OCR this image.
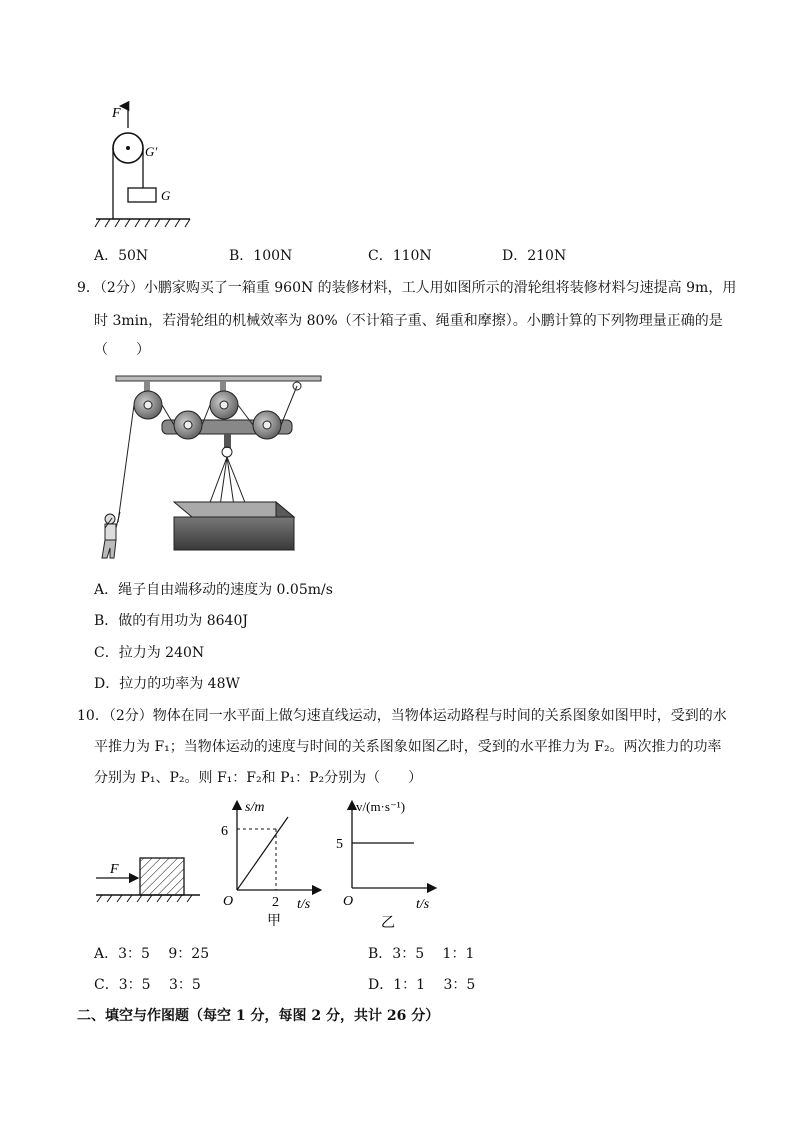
F
G′
G
A．50N	B．100N	C．110N	D．210N
9．（2分）小鹏家购买了一箱重 960N 的装修材料，工人用如图所示的滑轮组将装修材料匀速提高 9m，用
时 3min，若滑轮组的机械效率为 80%（不计箱子重、绳重和摩擦）。小鹏计算的下列物理量正确的是
（　　）
A．绳子自由端移动的速度为 0.05m/s
B．做的有用功为 8640J
C．拉力为 240N
D．拉力的功率为 48W
10．（2分）物体在同一水平面上做匀速直线运动，当物体运动路程与时间的关系图象如图甲时，受到的水
平推力为 F₁；当物体运动的速度与时间的关系图象如图乙时，受到的水平推力为 F₂。两次推力的功率
分别为 P₁、P₂。则 F₁：F₂和 P₁：P₂分别为（　　）
F
s/m
6
O	2 t/s
甲
v/(m·s⁻¹)
5
O	t/s
乙
A．3：5　 9：25	B．3：5　 1：1
C．3：5　 3：5	D．1：1　 3：5
二、填空与作图题（每空 1 分，每图 2 分，共计 26 分）
